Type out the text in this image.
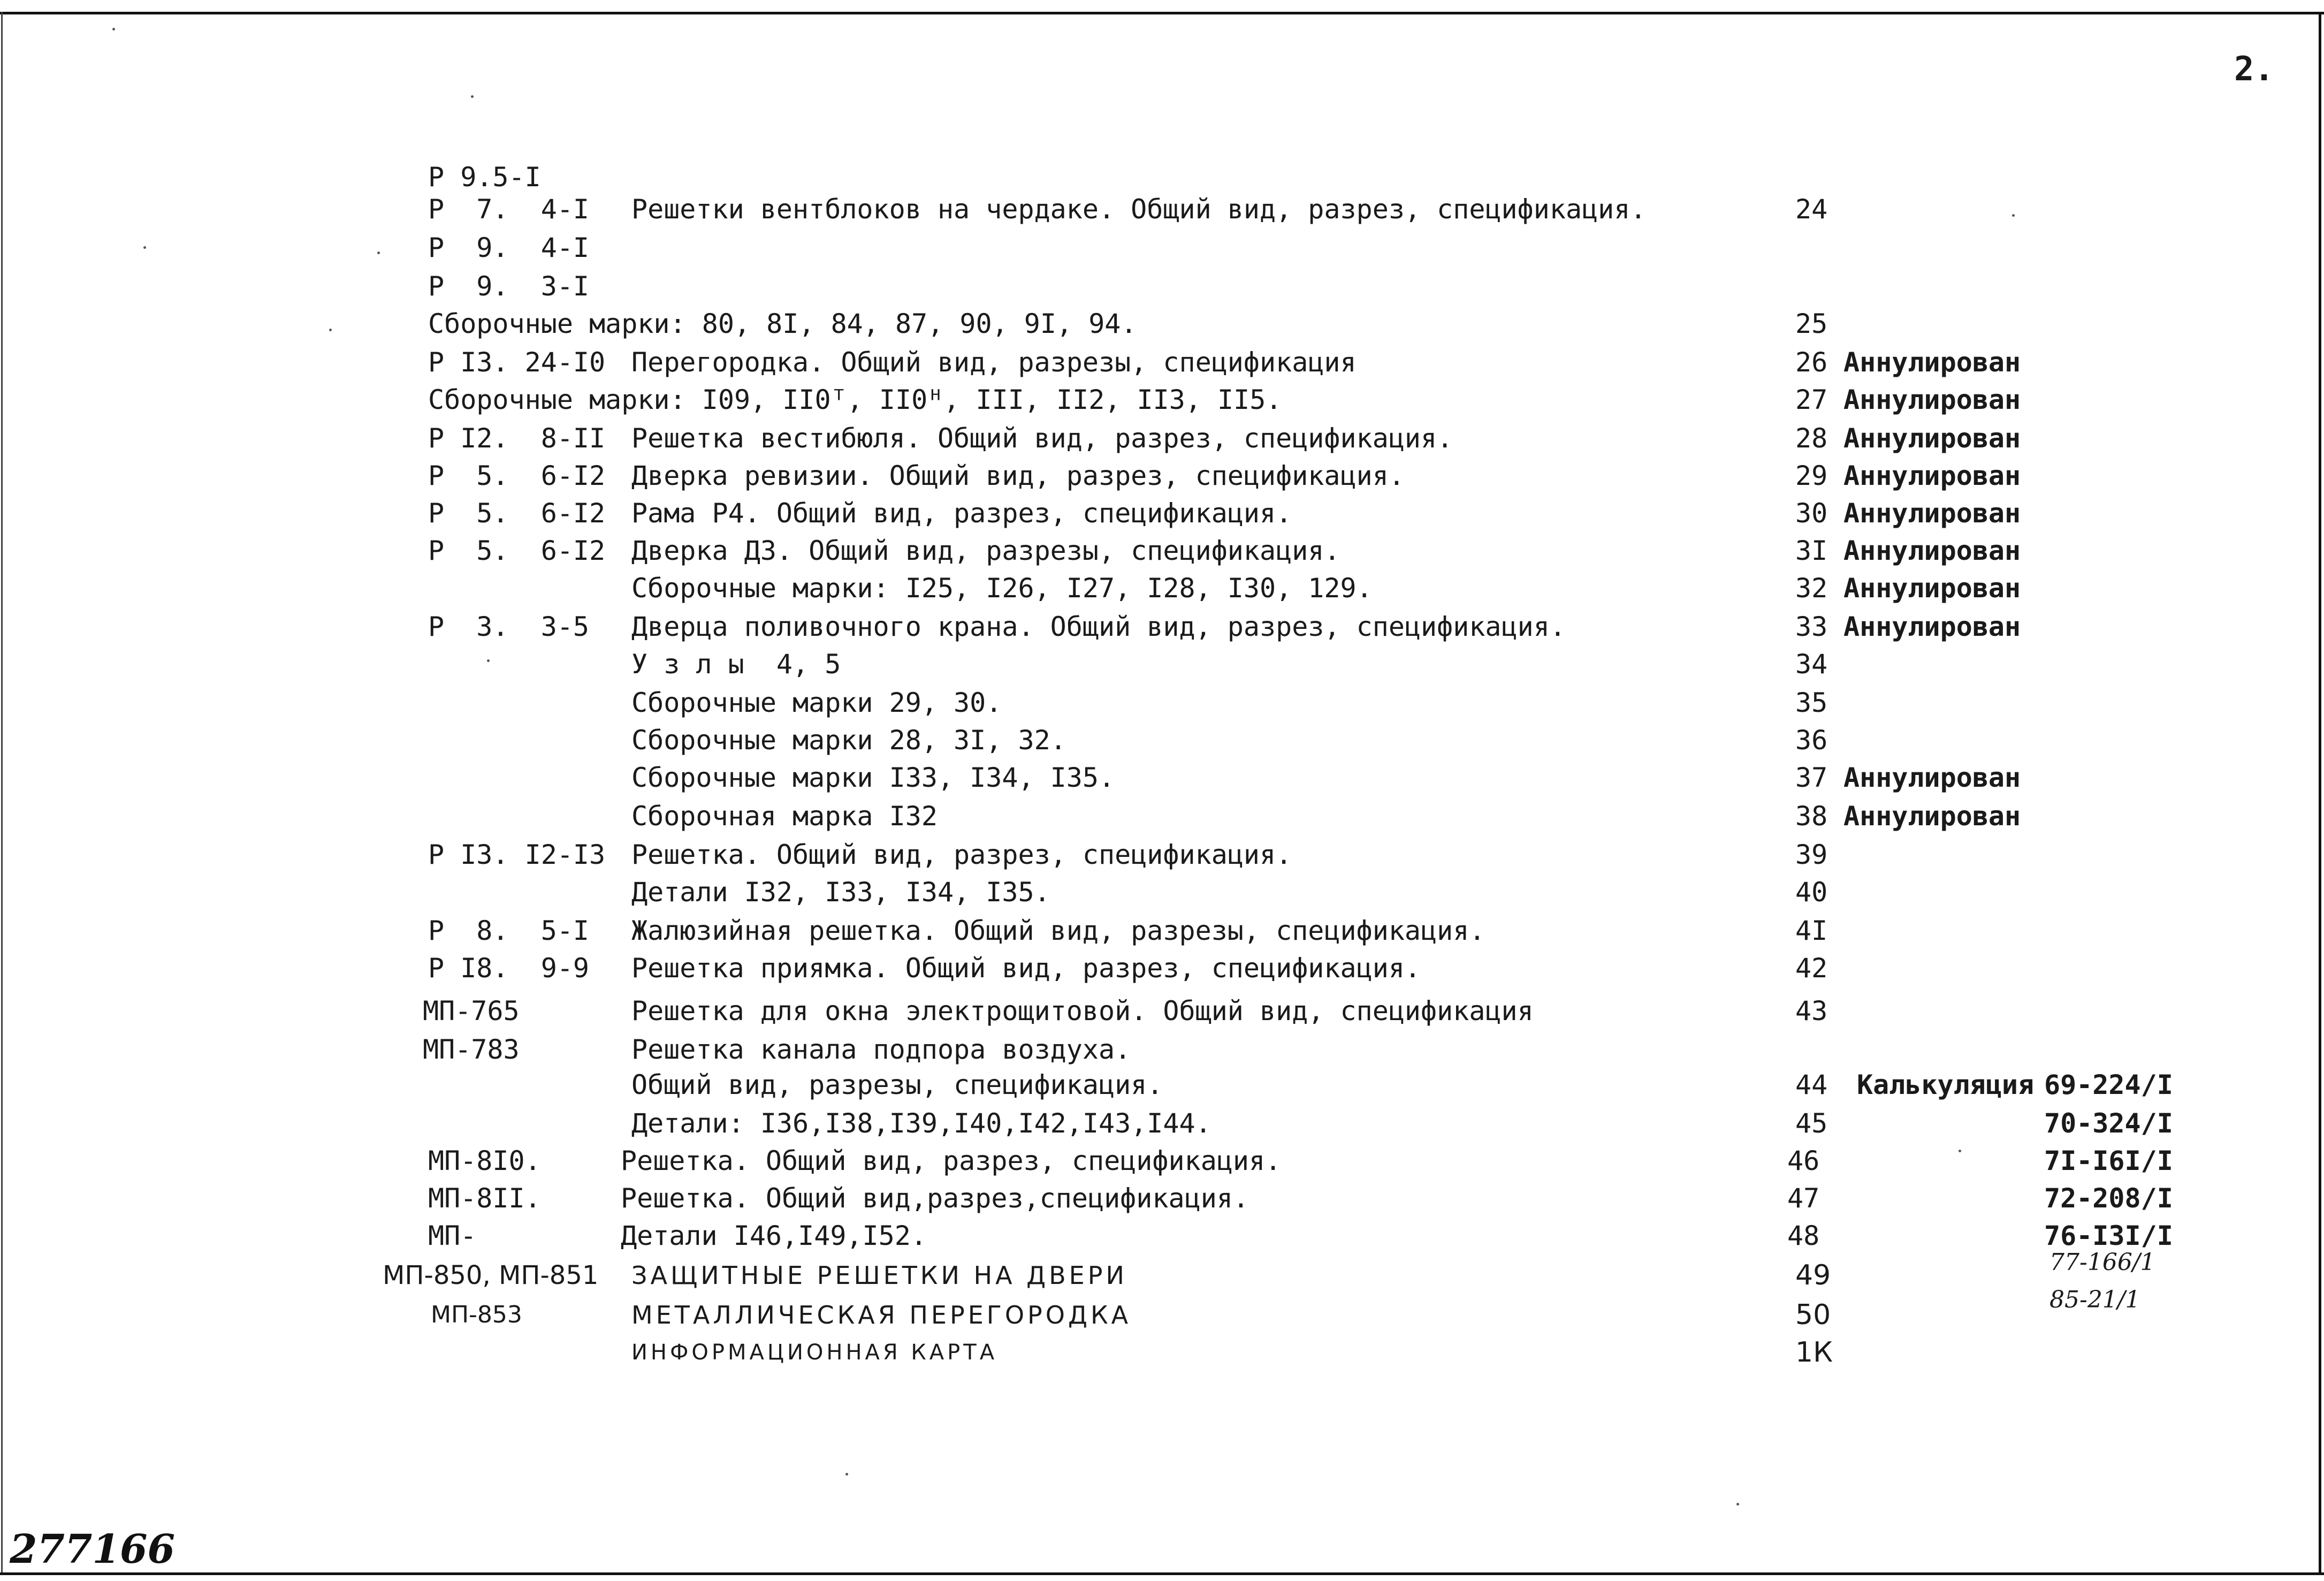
2.
Р 9.5-I
Р  7.  4-I Решетки вентблоков на чердаке. Общий вид, разрез, спецификация.	24
Р  9.  4-I
Р  9.  3-I
Сборочные марки: 80, 8I, 84, 87, 90, 9I, 94.	25
Р I3. 24-I0 Перегородка. Общий вид, разрезы, спецификация	26 Аннулирован
Сборочные марки: I09, II0ᵀ, II0ᴴ, III, II2, II3, II5.	27 Аннулирован
Р I2.  8-II Решетка вестибюля. Общий вид, разрез, спецификация.	28 Аннулирован
Р  5.  6-I2 Дверка ревизии. Общий вид, разрез, спецификация.	29 Аннулирован
Р  5.  6-I2 Рама Р4. Общий вид, разрез, спецификация.	30 Аннулирован
Р  5.  6-I2 Дверка ДЗ. Общий вид, разрезы, спецификация.	3I Аннулирован
Сборочные марки: I25, I26, I27, I28, I30, 129.	32 Аннулирован
Р  3.  3-5 Дверца поливочного крана. Общий вид, разрез, спецификация.	33 Аннулирован
У з л ы  4, 5	34
Сборочные марки 29, 30.	35
Сборочные марки 28, 3I, 32.	36
Сборочные марки I33, I34, I35.	37 Аннулирован
Сборочная марка I32	38 Аннулирован
Р I3. I2-I3 Решетка. Общий вид, разрез, спецификация.	39
Детали I32, I33, I34, I35.	40
Р  8.  5-I Жалюзийная решетка. Общий вид, разрезы, спецификация.	4I
Р I8.  9-9 Решетка приямка. Общий вид, разрез, спецификация.	42
МП-765	Решетка для окна электрощитовой. Общий вид, спецификация	43
МП-783	Решетка канала подпора воздуха.
Общий вид, разрезы, спецификация.	44 Калькуляция 69-224/I
Детали: I36,I38,I39,I40,I42,I43,I44.	45	70-324/I
МП-8I0.	Решетка. Общий вид, разрез, спецификация.	46	7I-I6I/I
МП-8II.	Решетка. Общий вид,разрез,спецификация.	47	72-208/I
МП-	Детали I46,I49,I52.	48	76-I3I/I
МП-850, МП-851 ЗАЩИТНЫЕ РЕШЕТКИ НА ДВЕРИ	49	77-166/1
МП-853	МЕТАЛЛИЧЕСКАЯ ПЕРЕГОРОДКА	50	85-21/1
ИНФОРМАЦИОННАЯ КАРТА	1К
277166
